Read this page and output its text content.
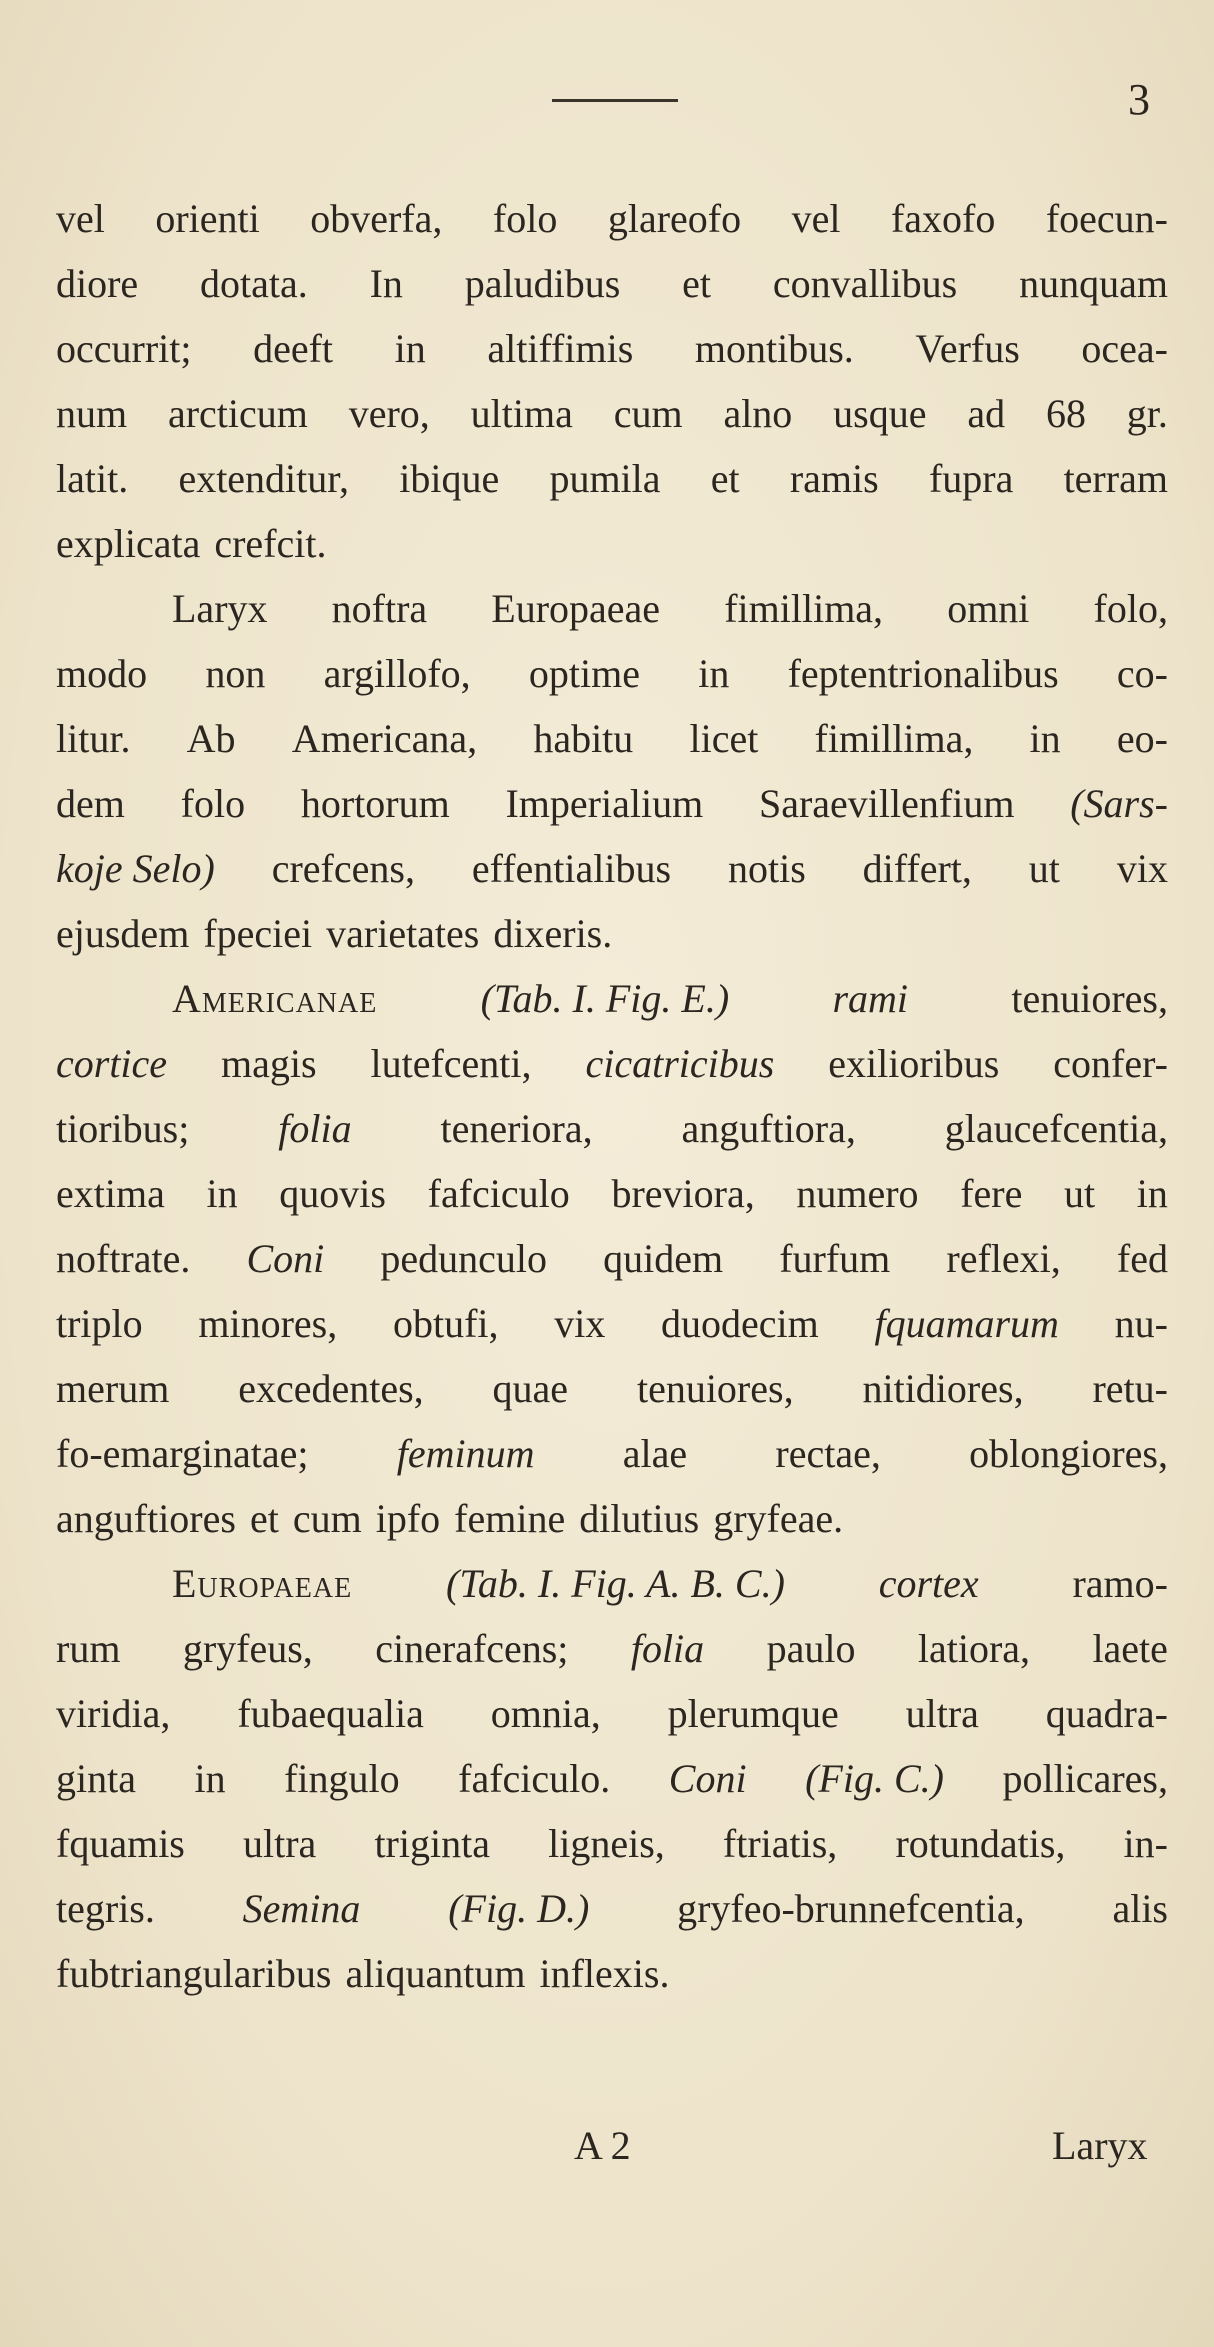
3
vel orienti obverfa, folo glareofo vel faxofo foecun-
diore dotata. In paludibus et convallibus nunquam
occurrit; deeft in altiffimis montibus. Verfus ocea-
num arcticum vero, ultima cum alno usque ad 68 gr.
latit. extenditur, ibique pumila et ramis fupra terram
explicata crefcit.
Laryx noftra Europaeae fimillima, omni folo,
modo non argillofo, optime in feptentrionalibus co-
litur. Ab Americana, habitu licet fimillima, in eo-
dem folo hortorum Imperialium Saraevillenfium (Sars-
koje Selo) crefcens, effentialibus notis differt, ut vix
ejusdem fpeciei varietates dixeris.
Americanae	(Tab. I. Fig. E.)	rami	tenuiores,
cortice magis lutefcenti, cicatricibus exilioribus confer-
tioribus; folia teneriora, anguftiora, glaucefcentia,
extima in quovis fafciculo breviora, numero fere ut in
noftrate. Coni pedunculo quidem furfum reflexi, fed
triplo minores, obtufi, vix duodecim fquamarum nu-
merum excedentes, quae tenuiores, nitidiores, retu-
fo-emarginatae; feminum alae rectae, oblongiores,
anguftiores et cum ipfo femine dilutius gryfeae.
Europaeae (Tab. I. Fig. A. B. C.) cortex ramo-
rum gryfeus, cinerafcens; folia paulo latiora, laete
viridia, fubaequalia omnia, plerumque ultra quadra-
ginta in fingulo fafciculo. Coni (Fig. C.) pollicares,
fquamis ultra triginta ligneis, ftriatis, rotundatis, in-
tegris. Semina (Fig. D.) gryfeo-brunnefcentia, alis
fubtriangularibus aliquantum inflexis.
A 2	Laryx
